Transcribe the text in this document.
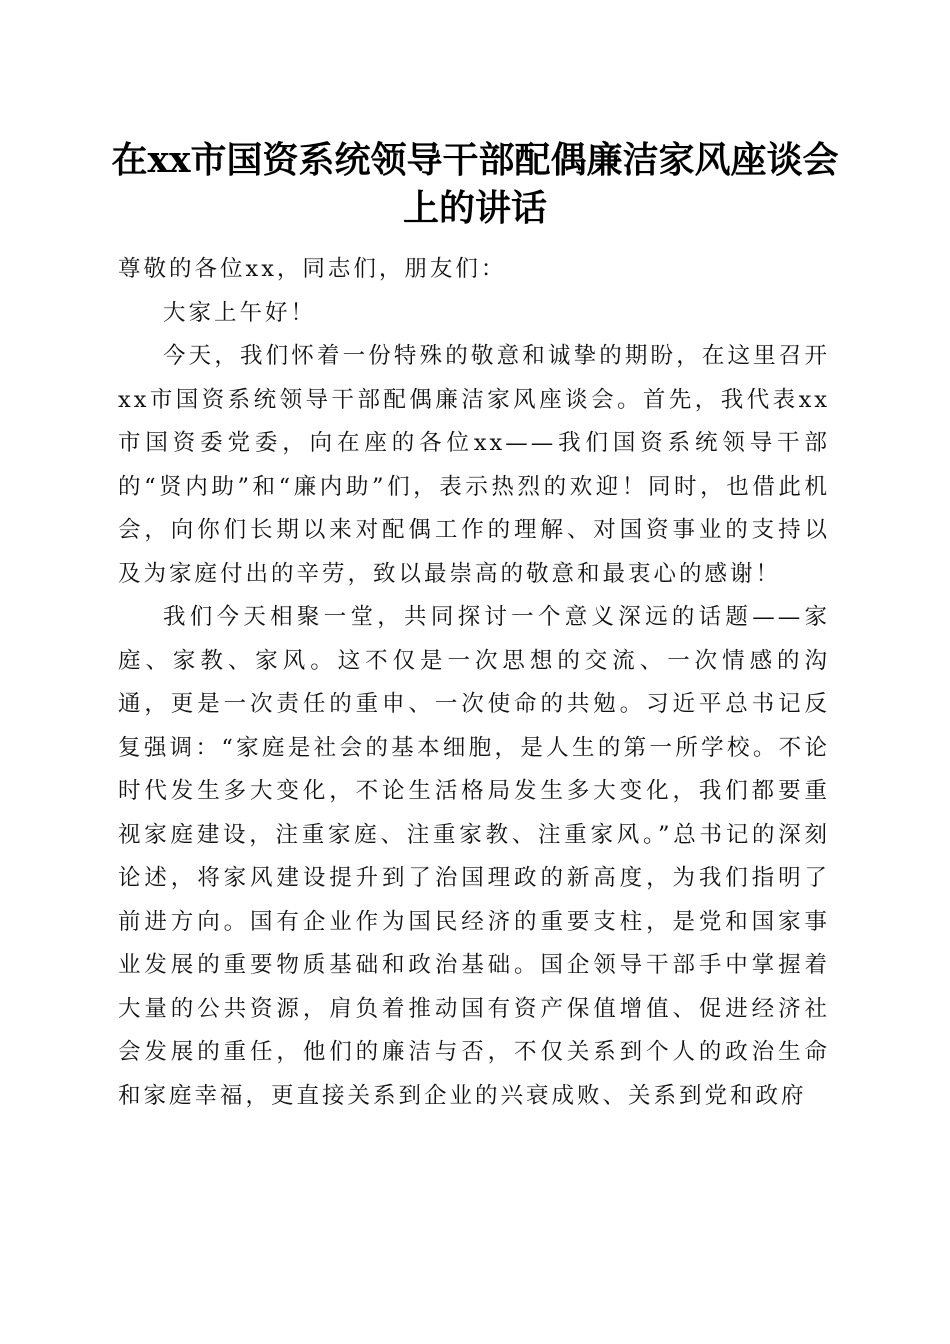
在xx市国资系统领导干部配偶廉洁家风座谈会上的讲话

尊敬的各位xx，同志们，朋友们：

大家上午好！

今天，我们怀着一份特殊的敬意和诚挚的期盼，在这里召开xx市国资系统领导干部配偶廉洁家风座谈会。首先，我代表xx市国资委党委，向在座的各位xx——我们国资系统领导干部的“贤内助”和“廉内助”们，表示热烈的欢迎！同时，也借此机会，向你们长期以来对配偶工作的理解、对国资事业的支持以及为家庭付出的辛劳，致以最崇高的敬意和最衷心的感谢！

我们今天相聚一堂，共同探讨一个意义深远的话题——家庭、家教、家风。这不仅是一次思想的交流、一次情感的沟通，更是一次责任的重申、一次使命的共勉。习近平总书记反复强调：“家庭是社会的基本细胞，是人生的第一所学校。不论时代发生多大变化，不论生活格局发生多大变化，我们都要重视家庭建设，注重家庭、注重家教、注重家风。”总书记的深刻论述，将家风建设提升到了治国理政的新高度，为我们指明了前进方向。国有企业作为国民经济的重要支柱，是党和国家事业发展的重要物质基础和政治基础。国企领导干部手中掌握着大量的公共资源，肩负着推动国有资产保值增值、促进经济社会发展的重任，他们的廉洁与否，不仅关系到个人的政治生命和家庭幸福，更直接关系到企业的兴衰成败、关系到党和政府
